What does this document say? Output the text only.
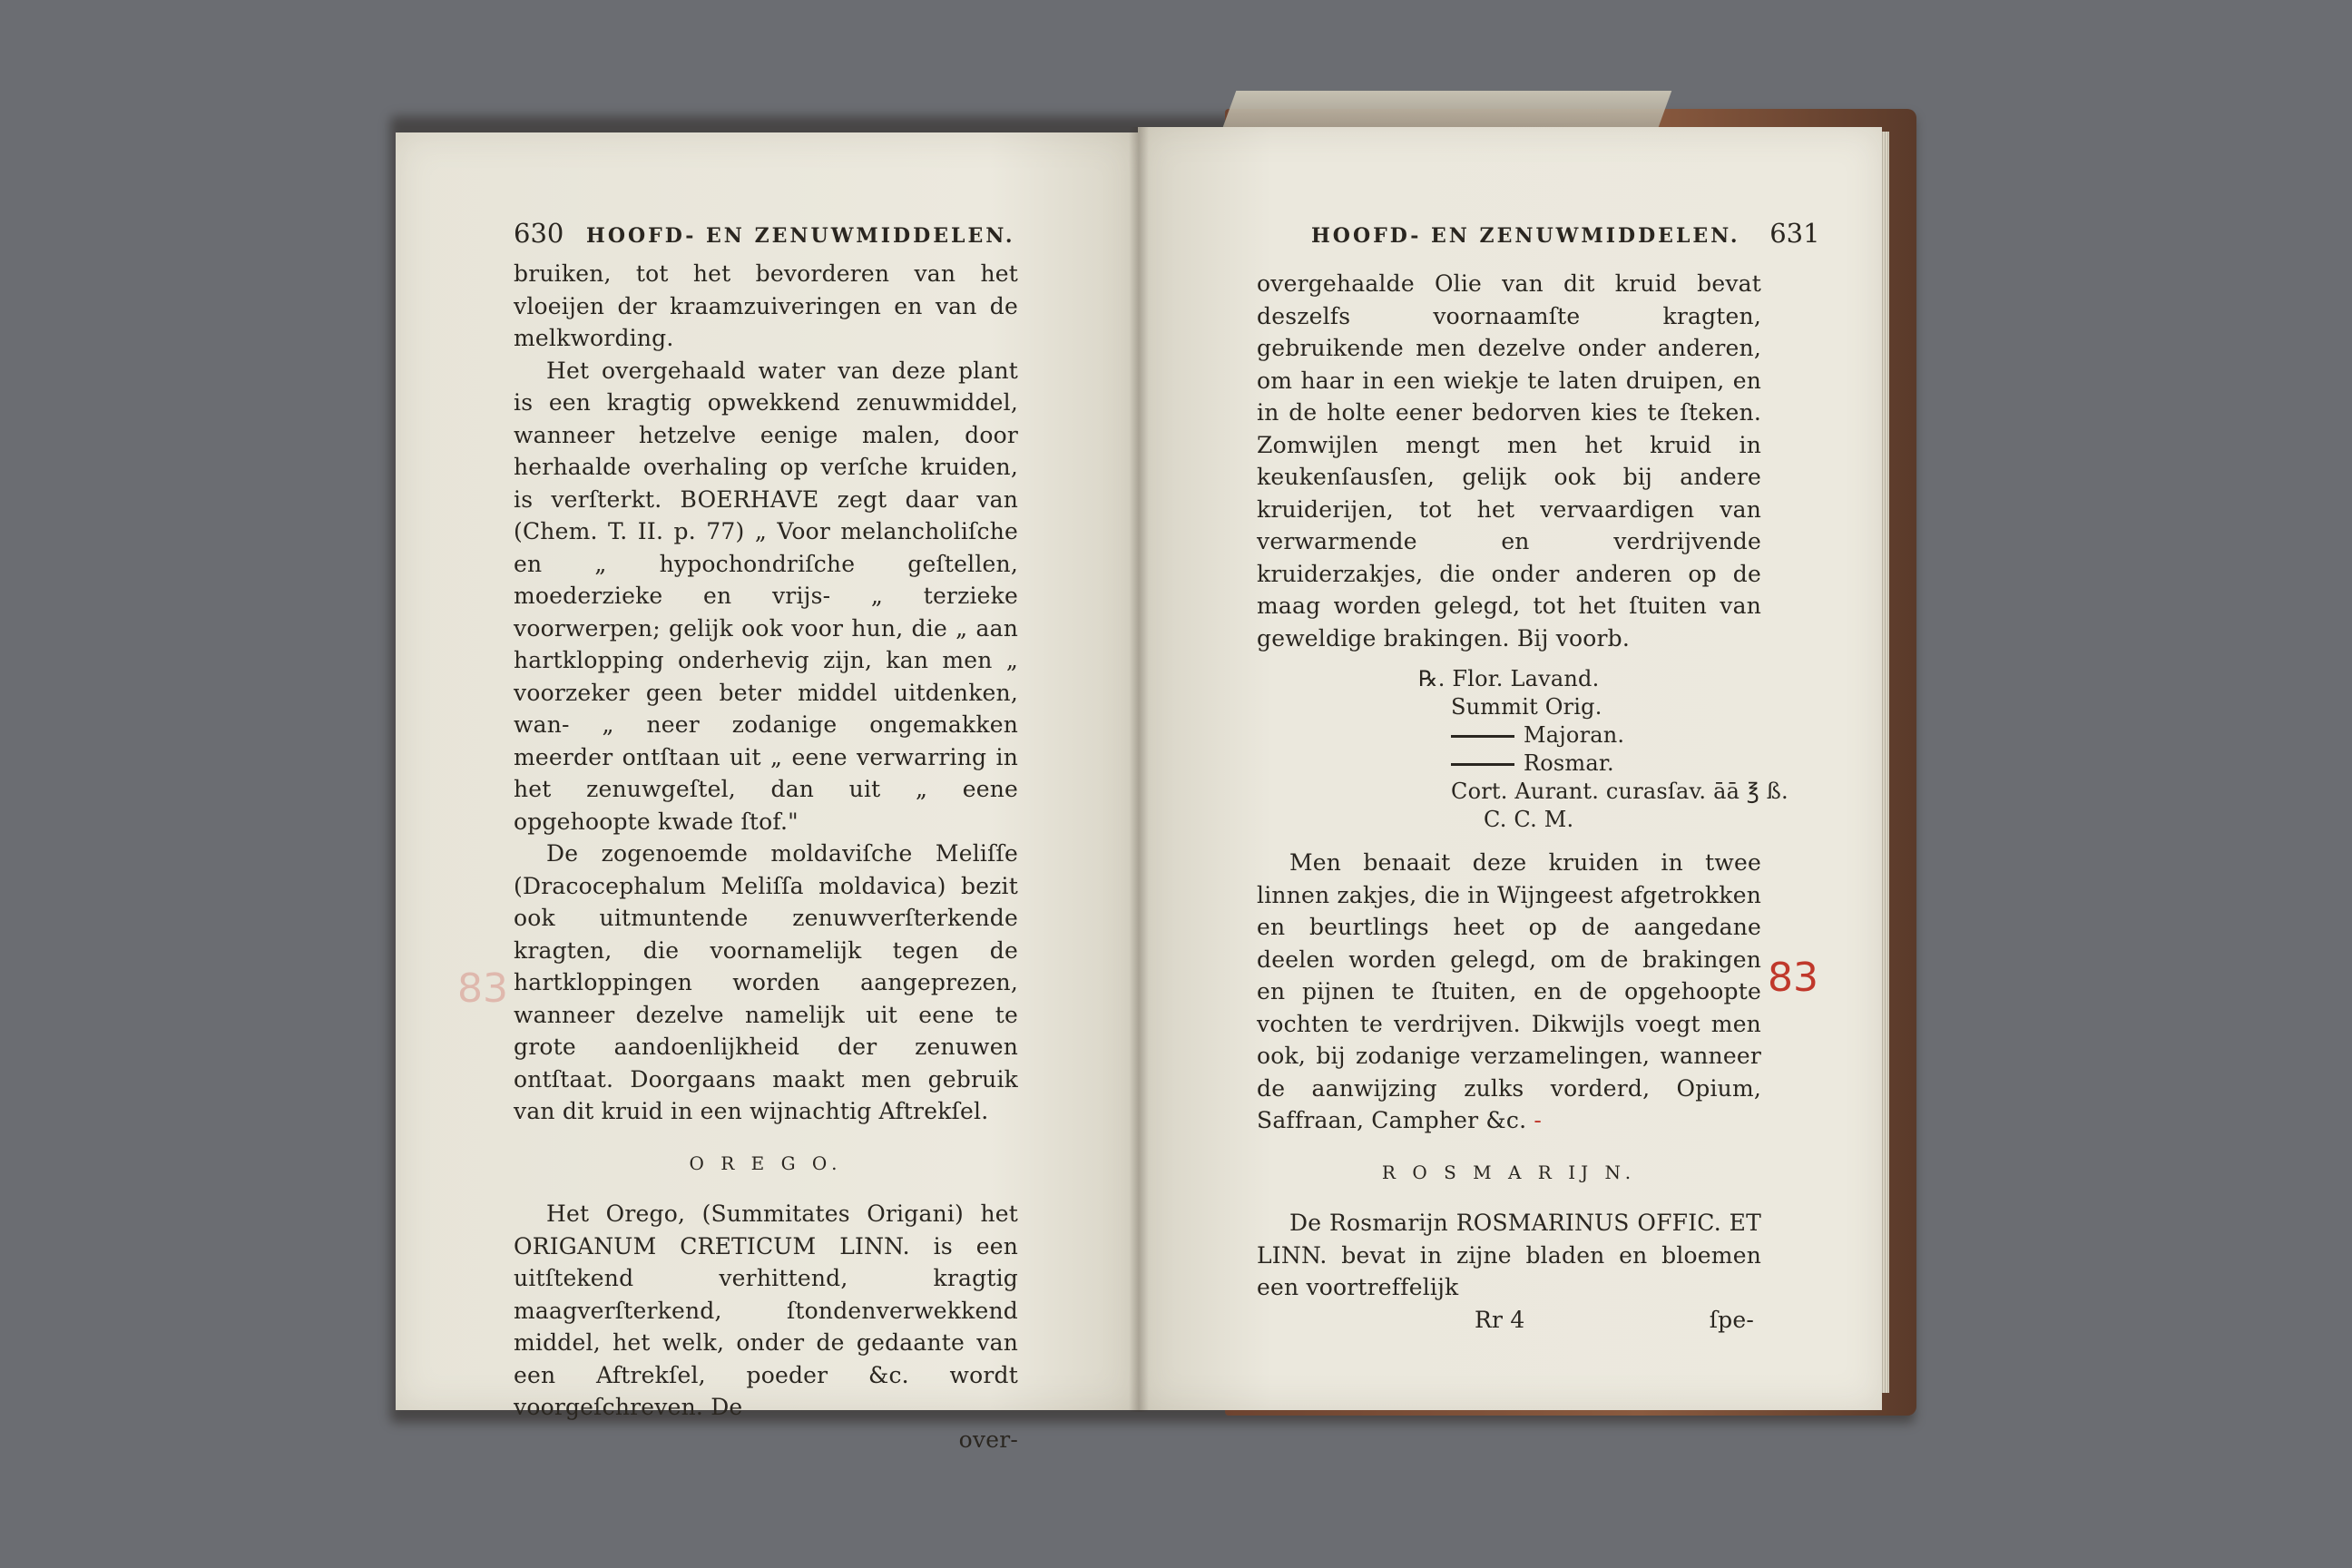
630 HOOFD- EN ZENUWMIDDELEN.

bruiken, tot het bevorderen van het vloeijen der kraamzuiveringen en van de melkwording.

Het overgehaald water van deze plant is een kragtig opwekkend zenuwmiddel, wanneer hetzelve eenige malen, door herhaalde overhaling op verſche kruiden, is verſterkt. BOERHAVE zegt daar van (Chem. T. II. p. 77) „ Voor melancholiſche en „ hypochondriſche geſtellen, moederzieke en vrijs- „ terzieke voorwerpen; gelijk ook voor hun, die „ aan hartklopping onderhevig zijn, kan men „ voorzeker geen beter middel uitdenken, wan- „ neer zodanige ongemakken meerder ontſtaan uit „ eene verwarring in het zenuwgeſtel, dan uit „ eene opgehoopte kwade ſtof."

De zogenoemde moldaviſche Meliſſe (Dracocephalum Meliſſa moldavica) bezit ook uitmuntende zenuwverſterkende kragten, die voornamelijk tegen de hartkloppingen worden aangeprezen, wanneer dezelve namelijk uit eene te grote aandoenlijkheid der zenuwen ontſtaat. Doorgaans maakt men gebruik van dit kruid in een wijnachtig Aftrekſel.

O R E G O.

Het Orego, (Summitates Origani) het ORIGANUM CRETICUM LINN. is een uitſtekend verhittend, kragtig maagverſterkend, ſtondenverwekkend middel, het welk, onder de gedaante van een Aftrekſel, poeder &c. wordt voorgeſchreven. De

over-
HOOFD- EN ZENUWMIDDELEN. 631

overgehaalde Olie van dit kruid bevat deszelfs voornaamſte kragten, gebruikende men dezelve onder anderen, om haar in een wiekje te laten druipen, en in de holte eener bedorven kies te ſteken. Zomwijlen mengt men het kruid in keukenſausſen, gelijk ook bij andere kruiderijen, tot het vervaardigen van verwarmende en verdrijvende kruiderzakjes, die onder anderen op de maag worden gelegd, tot het ſtuiten van geweldige brakingen. Bij voorb.

℞. Flor. Lavand.
Summit Orig.
Majoran.
Rosmar.
Cort. Aurant. curasſav. āā ℥ ß.
C. C. M.

Men benaait deze kruiden in twee linnen zakjes, die in Wijngeest afgetrokken en beurtlings heet op de aangedane deelen worden gelegd, om de brakingen en pijnen te ſtuiten, en de opgehoopte vochten te verdrijven. Dikwijls voegt men ook, bij zodanige verzamelingen, wanneer de aanwijzing zulks vorderd, Opium, Saffraan, Campher &c. -

R O S M A R IJ N.

De Rosmarijn ROSMARINUS OFFIC. ET LINN. bevat in zijne bladen en bloemen een voortreffelijk

Rr 4	ſpe-
83
83
